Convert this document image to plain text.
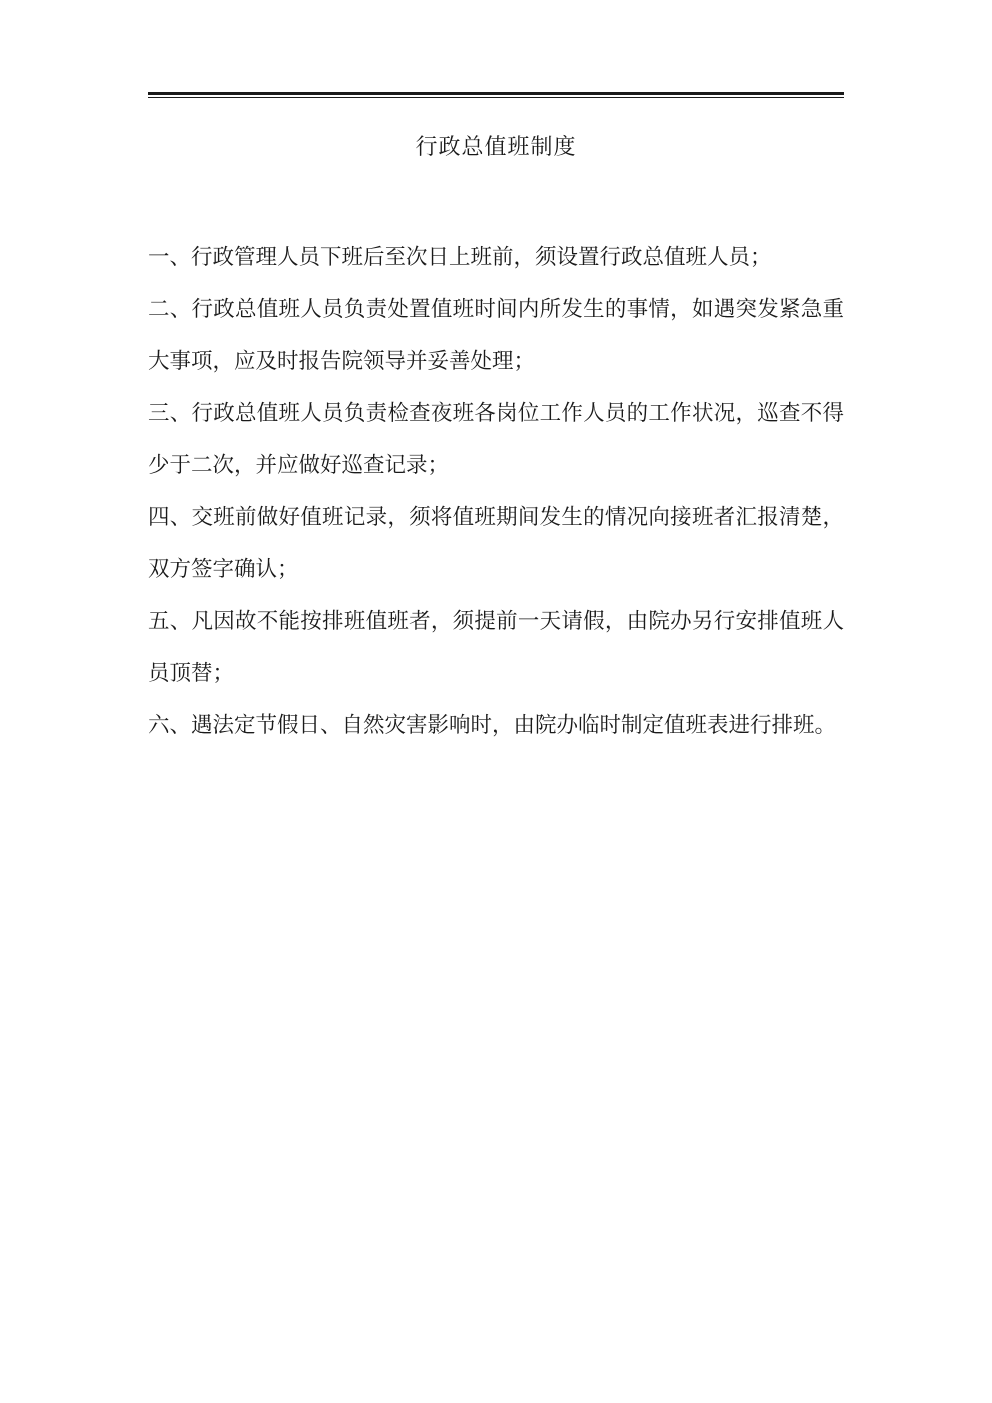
行政总值班制度

一、行政管理人员下班后至次日上班前，须设置行政总值班人员；

二、行政总值班人员负责处置值班时间内所发生的事情，如遇突发紧急重大事项，应及时报告院领导并妥善处理；

三、行政总值班人员负责检查夜班各岗位工作人员的工作状况，巡查不得少于二次，并应做好巡查记录；

四、交班前做好值班记录，须将值班期间发生的情况向接班者汇报清楚，双方签字确认；

五、凡因故不能按排班值班者，须提前一天请假，由院办另行安排值班人员顶替；

六、遇法定节假日、自然灾害影响时，由院办临时制定值班表进行排班。
